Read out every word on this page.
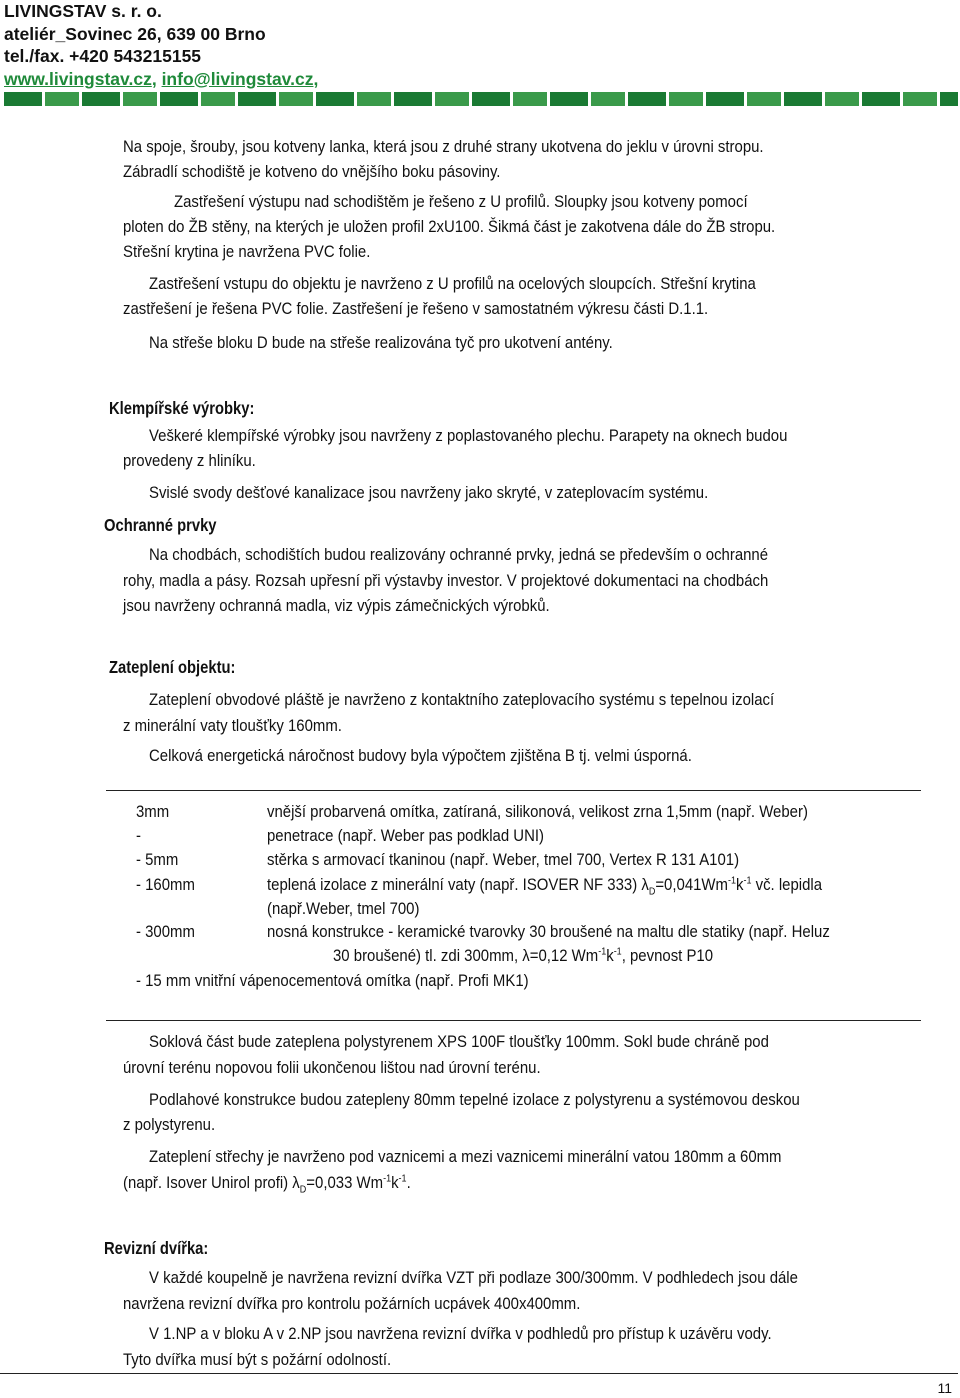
LIVINGSTAV s. r. o.
ateliér_Sovinec 26, 639 00 Brno
tel./fax. +420 543215155
www.livingstav.cz, info@livingstav.cz,
Na spoje, šrouby, jsou kotveny lanka, která jsou z druhé strany ukotvena do jeklu v úrovni stropu.
Zábradlí schodiště je kotveno do vnějšího boku pásoviny.
Zastřešení výstupu nad schodištěm je řešeno z U profilů. Sloupky jsou kotveny pomocí
ploten do ŽB stěny, na kterých je uložen profil 2xU100. Šikmá část je zakotvena dále do ŽB stropu.
Střešní krytina je navržena PVC folie.
Zastřešení vstupu do objektu je navrženo z U profilů na ocelových sloupcích. Střešní krytina
zastřešení je řešena PVC folie. Zastřešení je řešeno v samostatném výkresu části D.1.1.
Na střeše bloku D bude na střeše realizována tyč pro ukotvení antény.
Klempířské výrobky:
Veškeré klempířské výrobky jsou navrženy z poplastovaného plechu. Parapety na oknech budou
provedeny z hliníku.
Svislé svody dešťové kanalizace jsou navrženy jako skryté, v zateplovacím systému.
Ochranné prvky
Na chodbách, schodištích budou realizovány ochranné prvky, jedná se především o ochranné
rohy, madla a pásy. Rozsah upřesní při výstavby investor. V projektové dokumentaci na chodbách
jsou navrženy ochranná madla, viz výpis zámečnických výrobků.
Zateplení objektu:
Zateplení obvodové pláště je navrženo z kontaktního zateplovacího systému s tepelnou izolací
z minerální vaty tloušťky 160mm.
Celková energetická náročnost budovy byla výpočtem zjištěna B tj. velmi úsporná.
3mm	vnější probarvená omítka, zatíraná, silikonová, velikost zrna 1,5mm (např. Weber)
-	penetrace (např. Weber pas podklad UNI)
- 5mm	stěrka s armovací tkaninou (např. Weber, tmel 700, Vertex R 131 A101)
- 160mm	teplená izolace z minerální vaty (např. ISOVER NF 333) $\lambda_D=0,041Wm^{-1}k^{-1}$ vč. lepidla
(např.Weber, tmel 700)
- 300mm	nosná konstrukce - keramické tvarovky 30 broušené na maltu dle statiky (např. Heluz
30 broušené) tl. zdi 300mm, λ=0,12 $Wm^{-1}k^{-1}$, pevnost P10
- 15 mm vnitřní vápenocementová omítka (např. Profi MK1)
Soklová část bude zateplena polystyrenem XPS 100F tloušťky 100mm. Sokl bude chráně pod
úrovní terénu nopovou folii ukončenou lištou nad úrovní terénu.
Podlahové konstrukce budou zatepleny 80mm tepelné izolace z polystyrenu a systémovou deskou
z polystyrenu.
Zateplení střechy je navrženo pod vaznicemi a mezi vaznicemi minerální vatou 180mm a 60mm
(např. Isover Unirol profi) $\lambda_D=0,033$ $Wm^{-1}k^{-1}$.
Revizní dvířka:
V každé koupelně je navržena revizní dvířka VZT při podlaze 300/300mm. V podhledech jsou dále
navržena revizní dvířka pro kontrolu požárních ucpávek 400x400mm.
V 1.NP a v bloku A v 2.NP jsou navržena revizní dvířka v podhledů pro přístup k uzávěru vody.
Tyto dvířka musí být s požární odolností.
11
